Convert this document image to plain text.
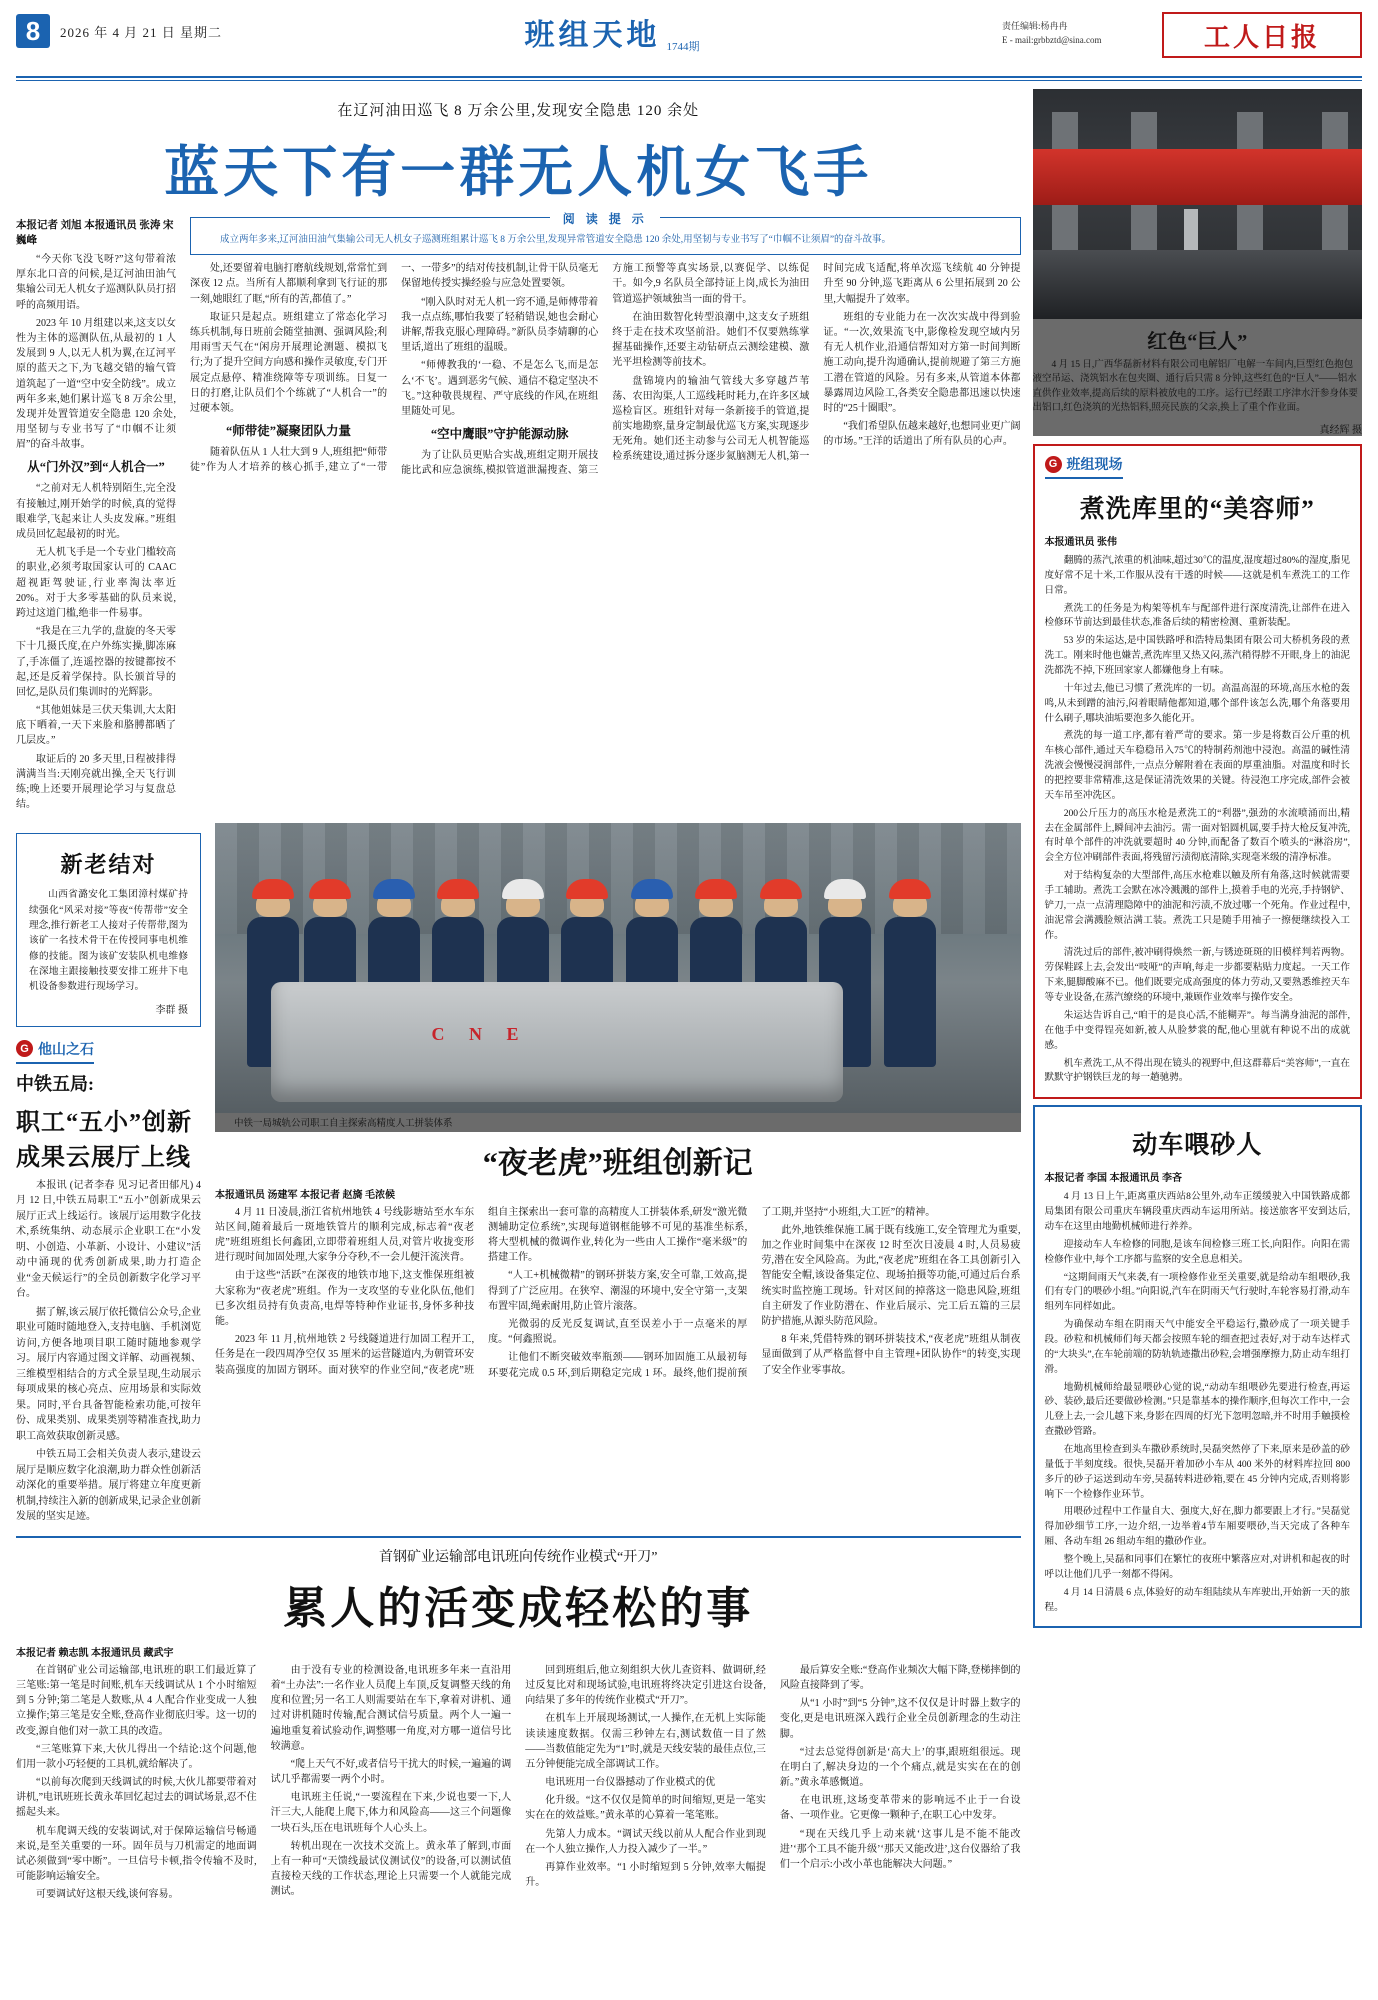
8	2026 年 4 月 21 日 星期二	班组天地 1744期
责任编辑:杨冉冉
E - mail:grbbztd@sina.com	工人日报
在辽河油田巡飞 8 万余公里,发现安全隐患 120 余处
蓝天下有一群无人机女飞手
本报记者 刘旭 本报通讯员 张涛 宋巍峰

“今天你飞没飞呀?”这句带着浓厚东北口音的问候,是辽河油田油气集输公司无人机女子巡测队队员打招呼的高频用语。

2023 年 10 月组建以来,这支以女性为主体的巡测队伍,从最初的 1 人发展到 9 人,以无人机为翼,在辽河平原的蓝天之下,为飞越交错的输气管道筑起了一道“空中安全防线”。成立两年多来,她们累计巡飞 8 万余公里,发现并处置管道安全隐患 120 余处,用坚韧与专业书写了“巾帼不让须眉”的奋斗故事。

从“门外汉”到“人机合一”

“之前对无人机特别陌生,完全没有接触过,刚开始学的时候,真的觉得眼难学,飞起来让人头皮发麻。”班组成员回忆起最初的时光。

无人机飞手是一个专业门槛较高的职业,必须考取国家认可的 CAAC 超视距驾驶证,行业率淘汰率近 20%。对于大多零基础的队员来说,跨过这道门槛,绝非一件易事。

“我是在三九学的,盘旋的冬天零下十几摄氏度,在户外练实操,脚冻麻了,手冻僵了,连遥控器的按键都按不起,还是反着学保持。队长颁首导的回忆,是队员们集训时的光辉影。

“其他姐妹是三伏天集训,大太阳底下晒着,一天下来脸和胳膊都晒了几层皮。”

取证后的 20 多天里,日程被排得满满当当:天刚亮就出操,全天飞行训练;晚上还要开展理论学习与复盘总结。

阅 读 提 示
成立两年多来,辽河油田油气集输公司无人机女子巡测班组累计巡飞 8 万余公里,发现异常管道安全隐患 120 余处,用坚韧与专业书写了“巾帼不让须眉”的奋斗故事。

处,还要留着电脑打磨航线规划,常常忙到深夜 12 点。当所有人都顺利拿到飞行证的那一刻,她眼红了眶,“所有的苦,都值了。”

取证只是起点。班组建立了常态化学习练兵机制,每日班前会随堂抽测、强调风险;利用雨雪天气在“闲房开展理论测题、模拟飞行;为了提升空间方向感和操作灵敏度,专门开展定点悬停、精准绕障等专项训练。日复一日的打磨,让队员们个个练就了“人机合一”的过硬本领。

“师带徒”凝聚团队力量

随着队伍从 1 人壮大到 9 人,班组把“师带徒”作为人才培养的核心抓手,建立了“一带一、一带多”的结对传技机制,让骨干队员毫无保留地传授实操经验与应急处置要领。

“刚入队时对无人机一窍不通,是师傅带着我一点点练,哪怕我要了轻稍错误,她也会耐心讲解,帮我克服心理障碍。”新队员李婧聊的心里话,道出了班组的温暖。

“师傅教我的‘一稳、不是怎么飞,而是怎么‘不飞’。遇到恶劣气候、通信不稳定坚决不飞。”这种敬畏规程、严守底线的作风,在班组里随处可见。

“空中鹰眼”守护能源动脉

为了让队员更贴合实战,班组定期开展技能比武和应急演练,模拟管道泄漏搜查、第三方施工预警等真实场景,以赛促学、以练促干。如今,9 名队员全部持证上岗,成长为油田管道巡护领域独当一面的骨干。

在油田数智化转型浪潮中,这支女子班组终于走在技术攻坚前沿。她们不仅要熟练掌握基础操作,还要主动钻研点云测绘建模、激光平坦检测等前技术。

盘锦境内的输油气管线大多穿越芦苇荡、农田沟渠,人工巡线耗时耗力,在许多区域巡检盲区。班组针对每一条新接手的管道,提前实地勘察,量身定制最优巡飞方案,实现逐步无死角。她们还主动参与公司无人机智能巡检系统建设,通过拆分逐步氮脑测无人机,第一时间完成飞适配,将单次巡飞续航 40 分钟提升至 90 分钟,巡飞距离从 6 公里拓展到 20 公里,大幅提升了效率。

班组的专业能力在一次次实战中得到验证。“一次,效果流飞中,影像检发现空域内另有无人机作业,沿通信帮知对方第一时间判断施工动向,提升沟通确认,提前规避了第三方施工潜在管道的风险。另有多来,从管道本体都暴露周边风险工,各类安全隐患都迅速以快速时的“25十圈眼”。

“我们希望队伍越来越好,也想同业更广阔的市场。”王洋的话道出了所有队员的心声。

新老结对
山西省潞安化工集团漳村煤矿持续强化“风采对接”等夜“传帮带”安全理念,推行新老工人接对子传帮带,图为该矿一名技术骨干在传授同事电机维修的技能。图为该矿安装队机电维修在深地主跟接触技要安排工班井下电机设备参数进行现场学习。
李群 摄
G 他山之石
中铁五局:
职工“五小”创新成果云展厅上线

本报讯 (记者李春 见习记者田郁凡) 4 月 12 日,中铁五局职工“五小”创新成果云展厅正式上线运行。该展厅运用数字化技术,系统集纳、动态展示企业职工在“小发明、小创造、小革新、小设计、小建议”活动中涌现的优秀创新成果,助力打造企业“金天候运行”的全员创新数字化学习平台。

据了解,该云展厅依托微信公众号,企业职业可随时随地登入,支持电脑、手机浏览访问,方便各地项目职工随时随地参观学习。展厅内容通过图文详解、动画视频、三维模型相结合的方式全景呈现,生动展示每项成果的核心亮点、应用场景和实际效果。同时,平台具备智能检索功能,可按年份、成果类别、成果类别等精准查找,助力职工高效获取创新灵感。

中铁五局工会相关负责人表示,建设云展厅是顺应数字化浪潮,助力群众性创新活动深化的重要举措。展厅将建立年度更新机制,持续注入新的创新成果,记录企业创新发展的坚实足迹。

C N E
中铁一局城轨公司职工自主探索高精度人工拼装体系
“夜老虎”班组创新记
本报通讯员 汤建军 本报记者 赵旖 毛浓候

4 月 11 日凌晨,浙江省杭州地铁 4 号线影塘站至水车东站区间,随着最后一斑地铁管片的顺利完成,标志着“夜老虎”班组班组长何鑫团,立即带着班组人员,对管片收拢变形进行现时间加固处理,大家争分夺秒,不一会儿便汗流浃背。

由于这些“活跃”在深夜的地铁市地下,这支惟保班组被大家称为“夜老虎”班组。作为一支攻坚的专业化队伍,他们已多次组员持有负责高,电焊等特种作业证书,身怀多种技能。

2023 年 11 月,杭州地铁 2 号线隧道进行加固工程开工,任务是在一段四周净空仅 35 厘米的运营隧道内,为朝管环安装高强度的加固方钢环。面对狭窄的作业空间,“夜老虎”班组自主探索出一套可靠的高精度人工拼装体系,研发“激光微测辅助定位系统”,实现每道钢框能够不可见的基准坐标系,将大型机械的微调作业,转化为一些由人工操作“毫米级”的搭建工作。

“人工+机械微精”的钢环拼装方案,安全可靠,工效高,提得到了广泛应用。在狭窄、潮湿的环境中,安全守第一,支架布置牢固,绳索耐用,防止管片滚落。

光微弱的反光反复调试,直至误差小于一点毫米的厚度。“何鑫照说。

让他们不断突破效率瓶颈——钢环加固施工从最初每环要花完成 0.5 环,到后期稳定完成 1 环。最终,他们提前预了工期,并坚持“小班组,大工匠”的精神。

此外,地铁维保施工属于既有线施工,安全管理尤为重要,加之作业时间集中在深夜 12 时至次日凌晨 4 时,人员易疲劳,潜在安全风险高。为此,“夜老虎”班组在各工具创新引入智能安全帽,该设备集定位、现场拍摄等功能,可通过后台系统实时监控施工现场。针对区间的掉落这一隐患风险,班组自主研发了作业防潜在、作业后展示、完工后五篇的三层防护措施,从源头防范风险。

8 年来,凭借特殊的钢环拼装技术,“夜老虎”班组从制夜显面做到了从严格监督中自主管理+团队协作“的转变,实现了安全作业零事故。

首钢矿业运输部电讯班向传统作业模式“开刀”
累人的活变成轻松的事
本报记者 赖志凯 本报通讯员 藏武宇

在首钢矿业公司运输部,电讯班的职工们最近算了三笔账:第一笔是时间账,机车天线调试从 1 个小时缩短到 5 分钟;第二笔是人数账,从 4 人配合作业变成一人独立操作;第三笔是安全账,登高作业彻底归零。这一切的改变,源自他们对一款工具的改造。

“三笔账算下来,大伙儿得出一个结论:这个问题,他们用一款小巧轻便的工具机,就给解决了。

“以前每次爬到天线调试的时候,大伙儿都要带着对讲机,”电讯班班长黄永革回忆起过去的调试场景,忍不住摇起头来。

机车爬调天线的安装调试,对于保障运输信号畅通来说,是至关重要的一环。固年员与刀机需定的地面调试必须做到“零中断”。一旦信号卡顿,指令传输不及时,可能影响运输安全。

可要调试好这根天线,谈何容易。

由于没有专业的检测设备,电讯班多年来一直沿用着“土办法”:一名作业人员爬上车顶,反复调整天线的角度和位置;另一名工人则需要站在车下,拿着对讲机、通过对讲机随时传输,配合测试信号质量。两个人一遍一遍地重复着试验动作,调整哪一角度,对方哪一道信号比较满意。

“爬上天气不好,或者信号干扰大的时候,一遍遍的调试几乎都需要一两个小时。

电讯班主任说,“一要流程在下来,少说也要一下,人汗三大,人能爬上爬下,体力和风险高——这三个问题像一块石头,压在电讯班每个人心头上。

转机出现在一次技术交流上。黄永革了解到,市面上有一种可“天馈线最试仪测试仪”的设备,可以测试值直接检天线的工作状态,理论上只需要一个人就能完成测试。

回到班组后,他立刻组织大伙儿查资料、做调研,经过反复比对和现场试验,电讯班将终决定引进这台设备,向结果了多年的传统作业模式“开刀”。

在机车上开展现场测试,一人操作,在无机上实际能读读速度数据。仅需三秒钟左右,测试数值一目了然——当数值能定先为“1”时,就是天线安装的最佳点位,三五分钟便能完成全部调试工作。

电讯班用一台仪器撼动了作业模式的优

化升级。“这不仅仅是简单的时间缩短,更是一笔实实在在的效益账。”黄永革的心算着一笔笔账。

先第人力成本。“调试天线以前从人配合作业到现在一个人独立操作,人力投入减少了一半。”

再算作业效率。“1 小时缩短到 5 分钟,效率大幅提升。

最后算安全账:“登高作业频次大幅下降,登梯摔倒的风险直接降到了零。

从“1 小时”到“5 分钟”,这不仅仅是计时器上数字的变化,更是电讯班深入践行企业全员创新理念的生动注脚。

“过去总觉得创新是‘高大上’的事,跟班组很远。现在明白了,解决身边的一个个痛点,就是实实在在的创新。”黄永革感慨道。

在电讯班,这场变革带来的影响远不止于一台设备、一项作业。它更像一颗种子,在职工心中发芽。

“现在天线几乎上动来就‘这事儿是不能不能改进’‘那个工具不能升级’‘那天又能改进’,这台仪器给了我们一个启示:小改小革也能解决大问题。”

红色“巨人”
4 月 15 日,广西华磊新材料有限公司电解铝厂电解一车间内,巨型红色抱包液空吊运、浇筑铝水在包夹圈、通行后只需 8 分钟,这些红色的“巨人”——铝水直供作业效率,提高后续的原料被放电的工序。运行已经跟工序津水汗参身体要出铝口,红色浇筑的光热铝料,照亮民族的父亲,换上了重个作业面。
真经辉 摄
G 班组现场
煮洗库里的“美容师”
本报通讯员 张伟

翻腾的蒸汽,浓重的机油味,超过30℃的温度,湿度超过80%的湿度,脂见度好常不足十米,工作服从没有干透的时候——这就是机车煮洗工的工作日常。

煮洗工的任务是为构架等机车与配部件进行深度清洗,让部件在进入检修环节前达到最佳状态,准备后续的精密检测、重新装配。

53 岁的朱运达,是中国铁路呼和浩特局集团有限公司大桥机务段的煮洗工。刚来时他也嫌苦,煮洗库里又热又闷,蒸汽稍得脖不开眼,身上的油泥洗都洗不掉,下班回家家人都嫌他身上有味。

十年过去,他已习惯了煮洗库的一切。高温高湿的环境,高压水枪的轰鸣,从未到蹭的油污,闷着眼睛他都知道,哪个部件该怎么洗,哪个角落要用什么刷子,哪块油垢要泡多久能化开。

煮洗的每一道工序,都有着严苛的要求。第一步是将数百公斤重的机车核心部件,通过天车稳稳吊入75℃的特制药剂池中浸泡。高温的碱性清洗液会慢慢浸润部件,一点点分解附着在表面的厚重油脂。对温度和时长的把控要非常精准,这是保证清洗效果的关键。待浸泡工序完成,部件会被天车吊至冲洗区。

200公斤压力的高压水枪是煮洗工的“利器”,强劲的水流喷涌而出,精去在金属部件上,瞬间冲去油污。需一面对铝圆机属,要手持大枪反复冲洗,有时单个部件的冲洗就要超时 40 分钟,而配备了数百个喷头的“淋浴房”,会全方位冲刷部件表面,将残留污渍彻底清除,实现毫米级的清净标准。

对于结构复杂的大型部件,高压水枪难以触及所有角落,这时候就需要手工辅助。煮洗工会默在冰冷溅溅的部件上,摸着手电的光亮,手持钢铲、铲刀,一点一点清理隐障中的油泥和污渍,不放过哪一个死角。作业过程中,油泥常会满溅脸颊沾满工装。煮洗工只是随手用袖子一擦便继续投入工作。

清洗过后的部件,被冲刷得焕然一新,与锈迹斑斑的旧模样判若两物。劳保鞋踩上去,会发出“吱哑”的声响,每走一步都要粘贴力度起。一天工作下来,腿脚酸麻不已。他们既要完成高强度的体力劳动,又要熟悉维控天车等专业设备,在蒸汽缭绕的环境中,兼顾作业效率与操作安全。

朱运达告诉自己,“咱干的是良心活,不能糊弄”。每当满身油泥的部件,在他手中变得锃亮如新,被人从脸梦裳的配,他心里就有种说不出的成就感。

机车煮洗工,从不得出现在镜头的视野中,但这群幕后“美容师”,一直在默默守护钢铁巨龙的每一趟驰骋。

动车喂砂人
本报记者 李国 本报通讯员 李吝

4 月 13 日上午,距离重庆西站8公里外,动车正缓缓驶入中国铁路成都局集团有限公司重庆车辆段重庆西动车运用所站。接送旅客平安到达后,动车在这里由地勤机械师进行养养。

迎接动车人车检修的同胞,是该车间检修三班工长,向阳作。向阳在需检修作业中,每个工序都与监察的安全息息相关。

“这期间雨天气来袭,有一项检修作业至关重要,就是给动车组喂砂,我们有专门的喂砂小组。”向阳说,汽车在阴雨天气行驶时,车轮容易打滑,动车组列车同样如此。

为确保动车组在阴雨天气中能安全平稳运行,撒砂成了一项关键手段。砂粒和机械师们每天都会按照车轮的细查把过表好,对于动车达样式的“大块头”,在车轮前端的防轨轨迹撒出砂粒,会增强摩擦力,防止动车组打滑。

地勤机械师给最显喂砂心觉的说,“动动车组喂砂先要进行检查,再运砂、装砂,最后还要做砂检测。”只是靠基本的操作顺序,但每次工作中,一会儿登上去,一会儿越下来,身影在四周的灯光下忽明忽暗,并不时用手触摸检查撒砂管路。

在地高里检查到头车撒砂系统时,吴磊突然停了下来,原来是砂盖的砂量低于半刻度线。很快,吴磊开着加砂小车从 400 米外的材料库拉回 800 多斤的砂子运送到动车旁,吴磊转料进砂箱,要在 45 分钟内完成,否则将影响下一个检修作业环节。

用喂砂过程中工作量自大、强度大,好在,脚力都要跟上才行。”吴磊觉得加砂细节工序,一边介绍,一边举着4节车厢要喂砂,当天完成了各种车厢、各动车组 26 组动车组的撒砂作业。

整个晚上,吴磊和同事们在繁忙的夜班中繁落应对,对讲机和起夜的时呼以让他们几乎一刻都不得闲。

4 月 14 日清晨 6 点,体验好的动车组陆续从车库驶出,开始新一天的旅程。
